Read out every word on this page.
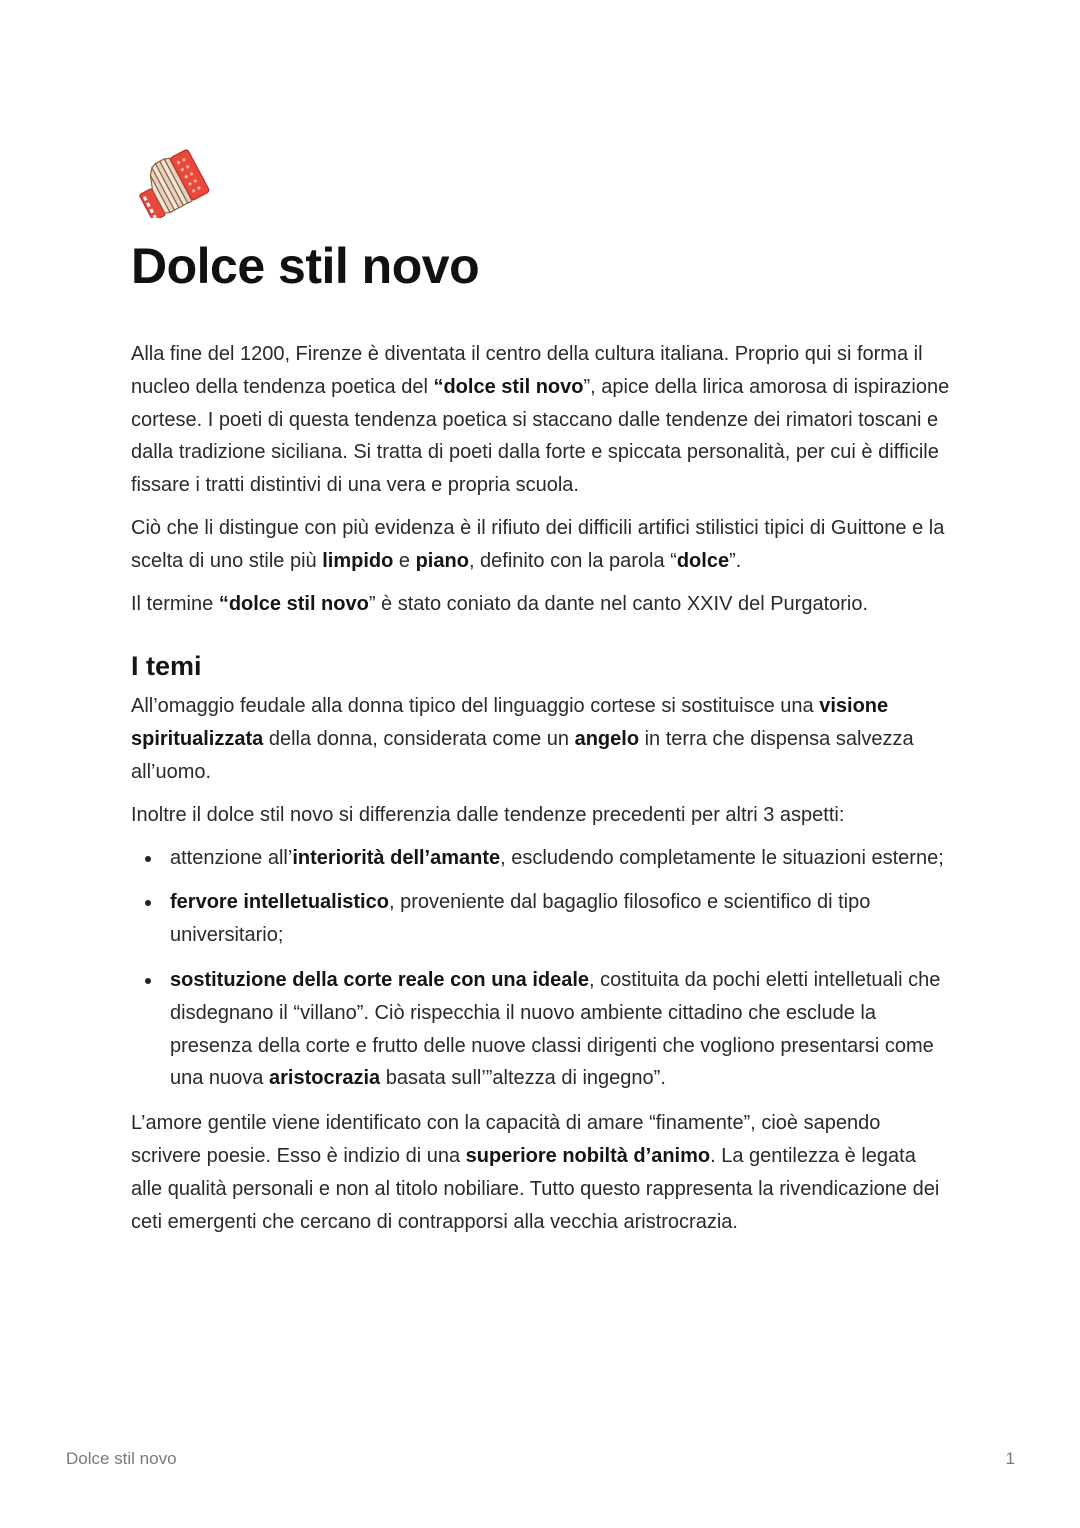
Dolce stil novo

Alla fine del 1200, Firenze è diventata il centro della cultura italiana. Proprio qui si forma il nucleo della tendenza poetica del “dolce stil novo”, apice della lirica amorosa di ispirazione cortese. I poeti di questa tendenza poetica si staccano dalle tendenze dei rimatori toscani e dalla tradizione siciliana. Si tratta di poeti dalla forte e spiccata personalità, per cui è difficile fissare i tratti distintivi di una vera e propria scuola.

Ciò che li distingue con più evidenza è il rifiuto dei difficili artifici stilistici tipici di Guittone e la scelta di uno stile più limpido e piano, definito con la parola “dolce”.

Il termine “dolce stil novo” è stato coniato da dante nel canto XXIV del Purgatorio.

I temi

All’omaggio feudale alla donna tipico del linguaggio cortese si sostituisce una visione spiritualizzata della donna, considerata come un angelo in terra che dispensa salvezza all’uomo.

Inoltre il dolce stil novo si differenzia dalle tendenze precedenti per altri 3 aspetti:

attenzione all’interiorità dell’amante, escludendo completamente le situazioni esterne;
fervore intelletualistico, proveniente dal bagaglio filosofico e scientifico di tipo universitario;
sostituzione della corte reale con una ideale, costituita da pochi eletti intelletuali che disdegnano il “villano”. Ciò rispecchia il nuovo ambiente cittadino che esclude la presenza della corte e frutto delle nuove classi dirigenti che vogliono presentarsi come una nuova aristocrazia basata sull’”altezza di ingegno”.

L’amore gentile viene identificato con la capacità di amare “finamente”, cioè sapendo scrivere poesie. Esso è indizio di una superiore nobiltà d’animo. La gentilezza è legata alle qualità personali e non al titolo nobiliare. Tutto questo rappresenta la rivendicazione dei ceti emergenti che cercano di contrapporsi alla vecchia aristrocrazia.

Dolce stil novo	1
